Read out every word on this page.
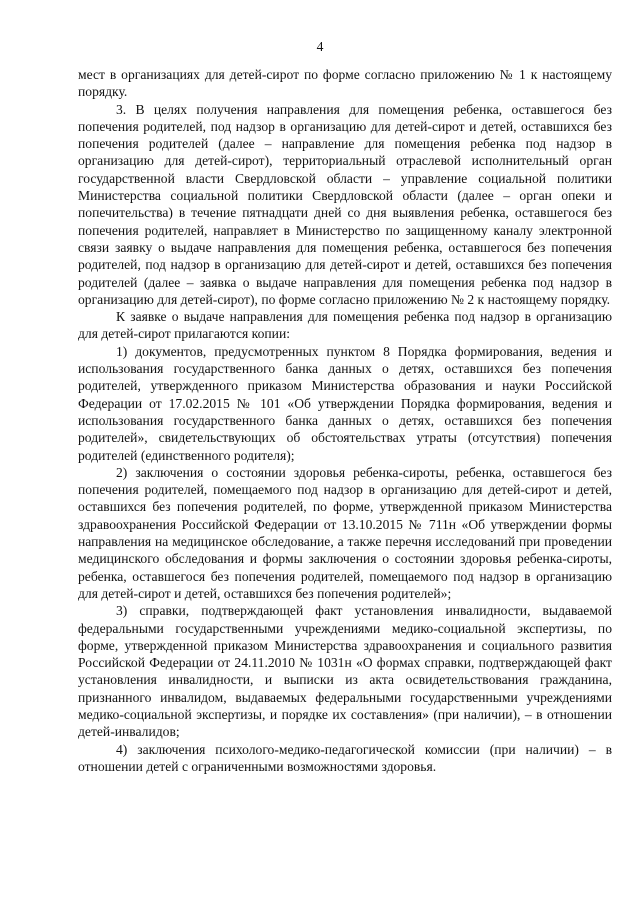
4

мест в организациях для детей-сирот по форме согласно приложению № 1 к настоящему порядку.

3. В целях получения направления для помещения ребенка, оставшегося без попечения родителей, под надзор в организацию для детей-сирот и детей, оставшихся без попечения родителей (далее – направление для помещения ребенка под надзор в организацию для детей-сирот), территориальный отраслевой исполнительный орган государственной власти Свердловской области – управление социальной политики Министерства социальной политики Свердловской области (далее – орган опеки и попечительства) в течение пятнадцати дней со дня выявления ребенка, оставшегося без попечения родителей, направляет в Министерство по защищенному каналу электронной связи заявку о выдаче направления для помещения ребенка, оставшегося без попечения родителей, под надзор в организацию для детей-сирот и детей, оставшихся без попечения родителей (далее – заявка о выдаче направления для помещения ребенка под надзор в организацию для детей-сирот), по форме согласно приложению № 2 к настоящему порядку.

К заявке о выдаче направления для помещения ребенка под надзор в организацию для детей-сирот прилагаются копии:

1) документов, предусмотренных пунктом 8 Порядка формирования, ведения и использования государственного банка данных о детях, оставшихся без попечения родителей, утвержденного приказом Министерства образования и науки Российской Федерации от 17.02.2015 № 101 «Об утверждении Порядка формирования, ведения и использования государственного банка данных о детях, оставшихся без попечения родителей», свидетельствующих об обстоятельствах утраты (отсутствия) попечения родителей (единственного родителя);

2) заключения о состоянии здоровья ребенка-сироты, ребенка, оставшегося без попечения родителей, помещаемого под надзор в организацию для детей-сирот и детей, оставшихся без попечения родителей, по форме, утвержденной приказом Министерства здравоохранения Российской Федерации от 13.10.2015 № 711н «Об утверждении формы направления на медицинское обследование, а также перечня исследований при проведении медицинского обследования и формы заключения о состоянии здоровья ребенка-сироты, ребенка, оставшегося без попечения родителей, помещаемого под надзор в организацию для детей-сирот и детей, оставшихся без попечения родителей»;

3) справки, подтверждающей факт установления инвалидности, выдаваемой федеральными государственными учреждениями медико-социальной экспертизы, по форме, утвержденной приказом Министерства здравоохранения и социального развития Российской Федерации от 24.11.2010 № 1031н «О формах справки, подтверждающей факт установления инвалидности, и выписки из акта освидетельствования гражданина, признанного инвалидом, выдаваемых федеральными государственными учреждениями медико-социальной экспертизы, и порядке их составления» (при наличии), – в отношении детей-инвалидов;

4) заключения психолого-медико-педагогической комиссии (при наличии) – в отношении детей с ограниченными возможностями здоровья.
